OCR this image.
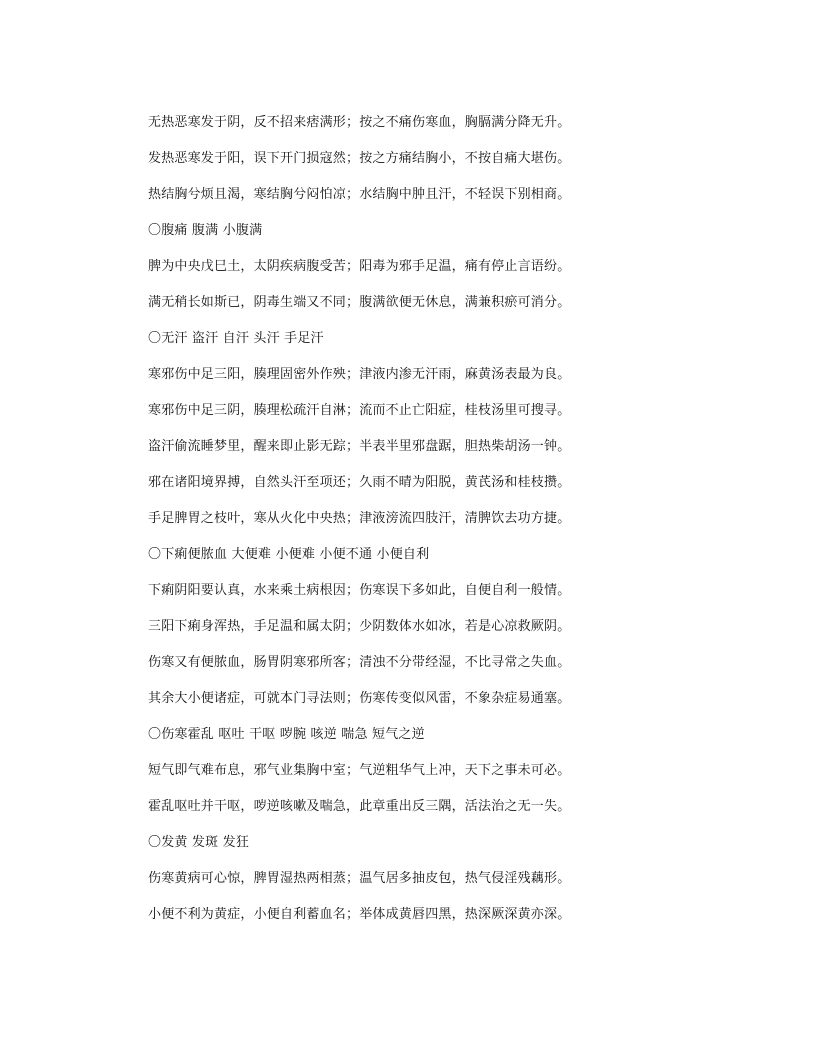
无热恶寒发于阴，反不招来痞满形；按之不痛伤寒血，胸膈满分降无升。
发热恶寒发于阳，误下开门损寇然；按之方痛结胸小，不按自痛大堪伤。
热结胸兮烦且渴，寒结胸兮闷怕凉；水结胸中肿且汗，不轻误下别相商。
〇腹痛 腹满 小腹满
脾为中央戊巳土，太阴疾病腹受苦；阳毒为邪手足温，痛有停止言语纷。
满无稍长如斯已，阴毒生端又不同；腹满欲便无休息，满兼积瘀可消分。
〇无汗 盗汗 自汗 头汗 手足汗
寒邪伤中足三阳，腠理固密外作殃；津液内渗无汗雨，麻黄汤表最为良。
寒邪伤中足三阴，腠理松疏汗自淋；流而不止亡阳症，桂枝汤里可搜寻。
盗汗偷流睡梦里，醒来即止影无踪；半表半里邪盘踞，胆热柴胡汤一钟。
邪在诸阳境界搏，自然头汗至项还；久雨不晴为阳脱，黄芪汤和桂枝攒。
手足脾胃之枝叶，寒从火化中央热；津液滂流四肢汗，清脾饮去功方捷。
〇下痢便脓血 大便难 小便难 小便不通 小便自利
下痢阴阳要认真，水来乘土病根因；伤寒误下多如此，自便自利一般情。
三阳下痢身浑热，手足温和属太阴；少阴数体水如冰，若是心凉救厥阴。
伤寒又有便脓血，肠胃阴寒邪所客；清浊不分带经湿，不比寻常之失血。
其余大小便诸症，可就本门寻法则；伤寒传变似风雷，不象杂症易通塞。
〇伤寒霍乱 呕吐 干呕 哕腕 咳逆 喘急 短气之逆
短气即气难布息，邪气业集胸中室；气逆粗华气上冲，天下之事未可必。
霍乱呕吐并干呕，哕逆咳嗽及喘急，此章重出反三隅，活法治之无一失。
〇发黄 发斑 发狂
伤寒黄病可心惊，脾胃湿热两相蒸；温气居多抽皮包，热气侵淫残藕形。
小便不利为黄症，小便自利蓄血名；举体成黄唇四黑，热深厥深黄亦深。
